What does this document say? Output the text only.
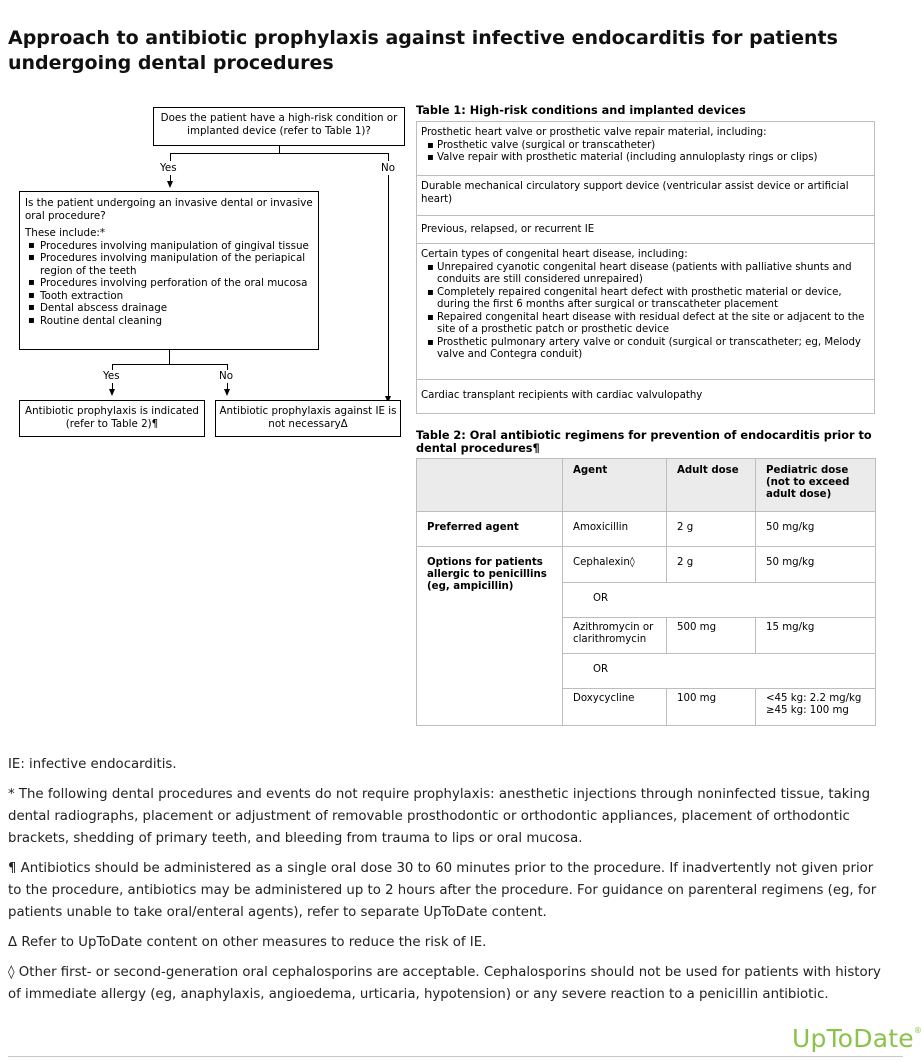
Approach to antibiotic prophylaxis against infective endocarditis for patients undergoing dental procedures
Does the patient have a high-risk condition or implanted device (refer to Table 1)?
Yes	No
Is the patient undergoing an invasive dental or invasive oral procedure?
These include:*
▪ Procedures involving manipulation of gingival tissue
▪ Procedures involving manipulation of the periapical region of the teeth
▪ Procedures involving perforation of the oral mucosa
▪ Tooth extraction
▪ Dental abscess drainage
▪ Routine dental cleaning
Yes	No
Antibiotic prophylaxis is indicated (refer to Table 2)¶
Antibiotic prophylaxis against IE is not necessaryΔ
Table 1: High-risk conditions and implanted devices
Prosthetic heart valve or prosthetic valve repair material, including:
▪ Prosthetic valve (surgical or transcatheter)
▪ Valve repair with prosthetic material (including annuloplasty rings or clips)
Durable mechanical circulatory support device (ventricular assist device or artificial heart)
Previous, relapsed, or recurrent IE
Certain types of congenital heart disease, including:
▪ Unrepaired cyanotic congenital heart disease (patients with palliative shunts and conduits are still considered unrepaired)
▪ Completely repaired congenital heart defect with prosthetic material or device, during the first 6 months after surgical or transcatheter placement
▪ Repaired congenital heart disease with residual defect at the site or adjacent to the site of a prosthetic patch or prosthetic device
▪ Prosthetic pulmonary artery valve or conduit (surgical or transcatheter; eg, Melody valve and Contegra conduit)
Cardiac transplant recipients with cardiac valvulopathy
Table 2: Oral antibiotic regimens for prevention of endocarditis prior to dental procedures¶
	Agent	Adult dose	Pediatric dose (not to exceed adult dose)
Preferred agent	Amoxicillin	2 g	50 mg/kg
Options for patients allergic to penicillins (eg, ampicillin)	Cephalexin◊	2 g	50 mg/kg
	OR		
	Azithromycin or clarithromycin	500 mg	15 mg/kg
	OR		
	Doxycycline	100 mg	<45 kg: 2.2 mg/kg
≥45 kg: 100 mg

IE: infective endocarditis.

* The following dental procedures and events do not require prophylaxis: anesthetic injections through noninfected tissue, taking dental radiographs, placement or adjustment of removable prosthodontic or orthodontic appliances, placement of orthodontic brackets, shedding of primary teeth, and bleeding from trauma to lips or oral mucosa.

¶ Antibiotics should be administered as a single oral dose 30 to 60 minutes prior to the procedure. If inadvertently not given prior to the procedure, antibiotics may be administered up to 2 hours after the procedure. For guidance on parenteral regimens (eg, for patients unable to take oral/enteral agents), refer to separate UpToDate content.

Δ Refer to UpToDate content on other measures to reduce the risk of IE.

◊ Other first- or second-generation oral cephalosporins are acceptable. Cephalosporins should not be used for patients with history of immediate allergy (eg, anaphylaxis, angioedema, urticaria, hypotension) or any severe reaction to a penicillin antibiotic.

UpToDate®
